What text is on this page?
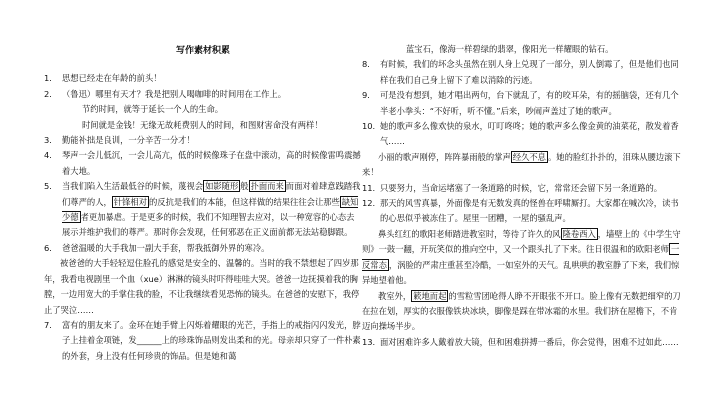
写作素材积累
1. 思想已经走在年龄的前头！
2. （鲁迅）哪里有天才？我是把别人喝咖啡的时间用在工作上。
节约时间，就等于延长一个人的生命。
时间就是金钱！无缘无故耗费别人的时间，和图财害命没有两样！
3. 勤能补拙是良训，一分辛苦一分才！
4. 琴声一会儿低沉，一会儿高亢，低的时候像珠子在盘中滚动，高的时候像雷鸣震撼着大地。
5. 当我们陷入生活最低谷的时候，蔑视会 如影随形 般 扑面而来 而面对着肆意践踏我们尊严的人， 针锋相对 的反抗是我们的本能，但这样做的结果往往会让那些 缺知少德 者更加暴虐。于是更多的时候，我们不知理智去应对，以一种宽容的心态去展示并维护我们的尊严。那时你会发现，任何邪恶在正义面前都无法站稳脚跟。
6. 爸爸温暖的大手我加一副大手套，帮我抵御外界的寒冷。
被爸爸的大手轻轻逗住脸孔的感觉是安全的、温馨的。当时的我不禁想起了四岁那年，我看电视剧里一个血（xue）淋淋的镜头时吓得哇哇大哭。爸爸一边抚摸着我的胸膛，一边用宽大的手掌住我的脸，不让我继续看见恐怖的镜头。在爸爸的安慰下，我停止了哭泣……
7. 富有的朋友来了。金环在她手臂上闪烁着耀眼的光芒，手指上的戒指闪闪发光，脖子上挂着金项链，发______上的珍珠饰品则发出柔和的光。母亲却只穿了一件朴素的外套，身上没有任何珍贵的饰品。但是她和蔼
蓝宝石，像海一样碧绿的翡翠，像阳光一样耀眼的钻石。
8. 有时候，我们的坏念头虽然在别人身上兑现了一部分，别人倒霉了，但是他们也同样在我们自己身上留下了难以消除的污迹。
9. 可是没有想到，她才唱出两句，台下就乱了，有的咬耳朵，有的摇脑袋，还有几个半老小拳头：“不好听，听不懂。”后来，吵闹声盖过了她的歌声。
10. 她的歌声多么像欢快的泉水，叮叮咚咚；她的歌声多么像金黄的油菜花，散发着香气……
小丽的歌声刚停，阵阵暴雨般的掌声 经久不息 。她的脸红扑扑的，泪珠从腰边滚下来！
11. 只要努力，当命运堵塞了一条道路的时候，它，常常还会留下另一条道路的。
12. 那天的风雪真暴，外面像是有无数发真的怪兽在呼啸厮打。大家都在喊次冷，读书的心思似乎被冻住了。屋里一团糟，一屋的骚乱声。
鼻头红红的歌阳老师踏进教室时，等待了许久的风 隆卷西入 ，墙壁上的《中学生守则》一鼓一翻，开玩笑似的推向空中，又一个跟头扎了下来。往日很温和的欧阳老师 一反常态 ，涡脸的严肃庄重甚至冷酷，一如室外的天气。乱哄哄的教室静了下来，我们惊异地望着他。
教室外， 簌地而起 的雪粒雪团呛得人睁不开眼张不开口。脸上像有无数把细窄的刀在拉在划，厚实的衣服像铁块冰块，脚像是踩在带冰霜的水里。我们挤在屋檐下，不肯迈向操场半步。
13. 面对困难许多人戴着放大镜，但和困难拼搏一番后，你会觉得，困难不过如此……
